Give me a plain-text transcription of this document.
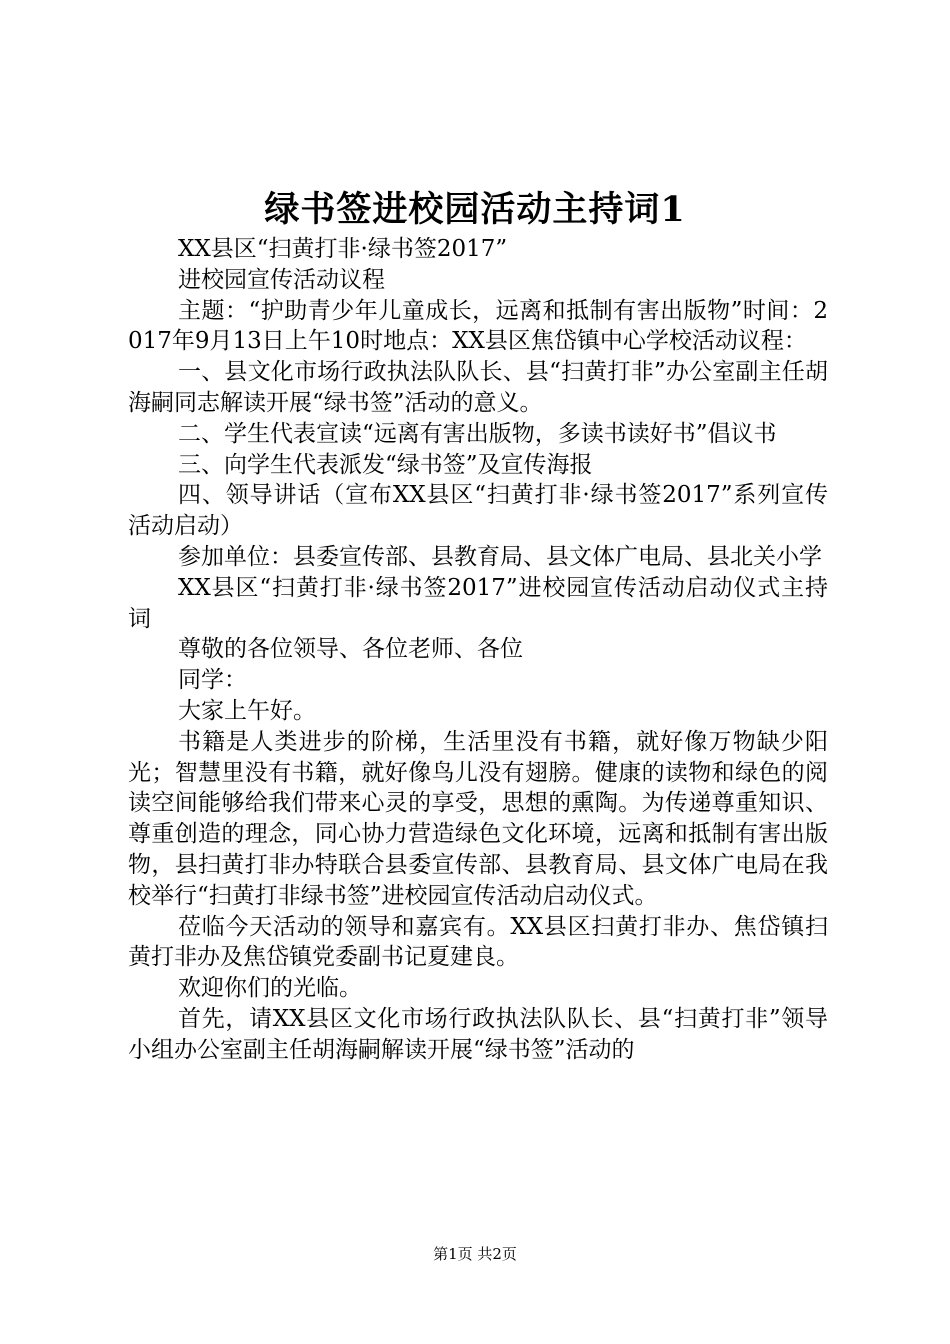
绿书签进校园活动主持词1

XX县区“扫黄打非·绿书签2017”

进校园宣传活动议程

主题：“护助青少年儿童成长，远离和抵制有害出版物”时间：2017年9月13日上午10时地点：XX县区焦岱镇中心学校活动议程：

一、县文化市场行政执法队队长、县“扫黄打非”办公室副主任胡海嗣同志解读开展“绿书签”活动的意义。

二、学生代表宣读“远离有害出版物，多读书读好书”倡议书

三、向学生代表派发“绿书签”及宣传海报

四、领导讲话（宣布XX县区“扫黄打非·绿书签2017”系列宣传活动启动）

参加单位：县委宣传部、县教育局、县文体广电局、县北关小学

XX县区“扫黄打非·绿书签2017”进校园宣传活动启动仪式主持词

尊敬的各位领导、各位老师、各位

同学：

大家上午好。

书籍是人类进步的阶梯，生活里没有书籍，就好像万物缺少阳光；智慧里没有书籍，就好像鸟儿没有翅膀。健康的读物和绿色的阅读空间能够给我们带来心灵的享受，思想的熏陶。为传递尊重知识、尊重创造的理念，同心协力营造绿色文化环境，远离和抵制有害出版物，县扫黄打非办特联合县委宣传部、县教育局、县文体广电局在我校举行“扫黄打非绿书签”进校园宣传活动启动仪式。

莅临今天活动的领导和嘉宾有。XX县区扫黄打非办、焦岱镇扫黄打非办及焦岱镇党委副书记夏建良。

欢迎你们的光临。

首先，请XX县区文化市场行政执法队队长、县“扫黄打非”领导小组办公室副主任胡海嗣解读开展“绿书签”活动的

第1页 共2页
